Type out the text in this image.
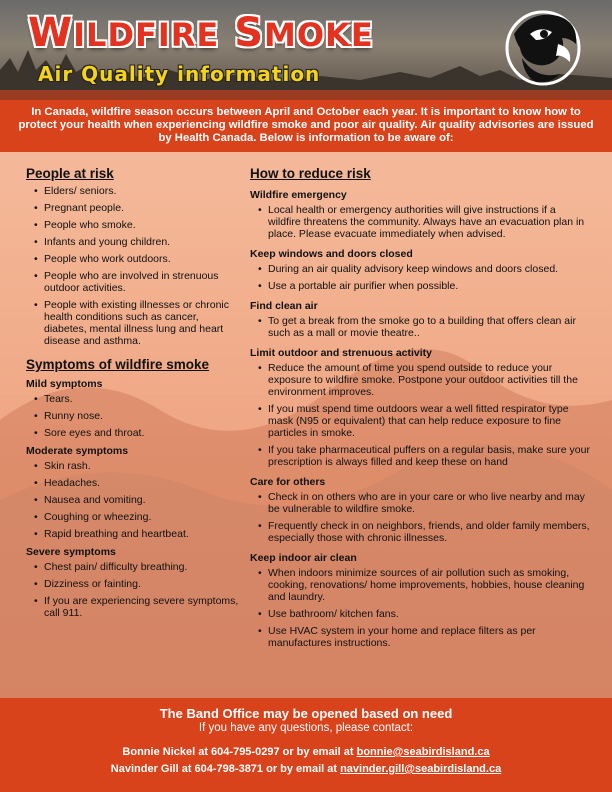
WILDFIRE SMOKE
Air Quality information
In Canada, wildfire season occurs between April and October each year. It is important to know how to protect your health when experiencing wildfire smoke and poor air quality. Air quality advisories are issued by Health Canada. Below is information to be aware of:
People at risk
• Elders/ seniors.
• Pregnant people.
• People who smoke.
• Infants and young children.
• People who work outdoors.
• People who are involved in strenuous outdoor activities.
• People with existing illnesses or chronic health conditions such as cancer, diabetes, mental illness lung and heart disease and asthma.
Symptoms of wildfire smoke
Mild symptoms
• Tears.
• Runny nose.
• Sore eyes and throat.
Moderate symptoms
• Skin rash.
• Headaches.
• Nausea and vomiting.
• Coughing or wheezing.
• Rapid breathing and heartbeat.
Severe symptoms
• Chest pain/ difficulty breathing.
• Dizziness or fainting.
• If you are experiencing severe symptoms, call 911.
How to reduce risk
Wildfire emergency
• Local health or emergency authorities will give instructions if a wildfire threatens the community. Always have an evacuation plan in place. Please evacuate immediately when advised.
Keep windows and doors closed
• During an air quality advisory keep windows and doors closed.
• Use a portable air purifier when possible.
Find clean air
• To get a break from the smoke go to a building that offers clean air such as a mall or movie theatre..
Limit outdoor and strenuous activity
• Reduce the amount of time you spend outside to reduce your exposure to wildfire smoke. Postpone your outdoor activities till the environment improves.
• If you must spend time outdoors wear a well fitted respirator type mask (N95 or equivalent) that can help reduce exposure to fine particles in smoke.
• If you take pharmaceutical puffers on a regular basis, make sure your prescription is always filled and keep these on hand
Care for others
• Check in on others who are in your care or who live nearby and may be vulnerable to wildfire smoke.
• Frequently check in on neighbors, friends, and older family members, especially those with chronic illnesses.
Keep indoor air clean
• When indoors minimize sources of air pollution such as smoking, cooking, renovations/ home improvements, hobbies, house cleaning and laundry.
• Use bathroom/ kitchen fans.
• Use HVAC system in your home and replace filters as per manufactures instructions.
The Band Office may be opened based on need
If you have any questions, please contact:
Bonnie Nickel at 604-795-0297 or by email at bonnie@seabirdisland.ca
Navinder Gill at 604-798-3871 or by email at navinder.gill@seabirdisland.ca
